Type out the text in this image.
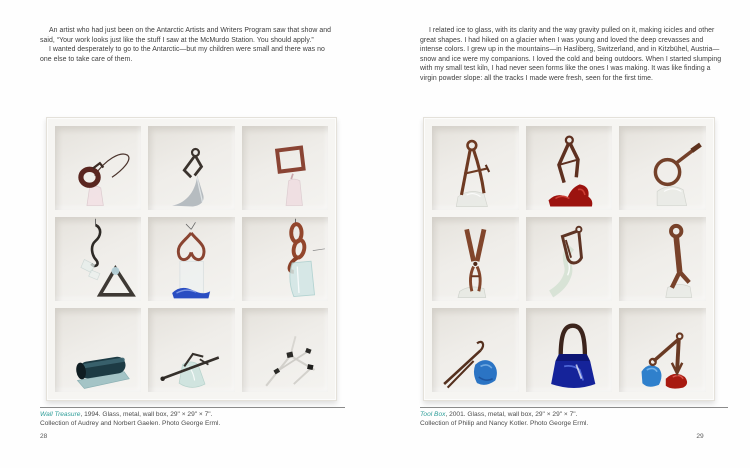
An artist who had just been on the Antarctic Artists and Writers Program saw that show and
said, “Your work looks just like the stuff I saw at the McMurdo Station. You should apply.”
I wanted desperately to go to the Antarctic—but my children were small and there was no
one else to take care of them.
Wall Treasure, 1994. Glass, metal, wall box, 29" × 29" × 7".
Collection of Audrey and Norbert Gaelen. Photo George Erml.
28
I related ice to glass, with its clarity and the way gravity pulled on it, making icicles and other
great shapes. I had hiked on a glacier when I was young and loved the deep crevasses and
intense colors. I grew up in the mountains—in Hasliberg, Switzerland, and in Kitzbühel, Austria—
snow and ice were my companions. I loved the cold and being outdoors. When I started slumping
with my small test kiln, I had never seen forms like the ones I was making. It was like finding a
virgin powder slope: all the tracks I made were fresh, seen for the first time.
Tool Box, 2001. Glass, metal, wall box, 29" × 29" × 7".
Collection of Philip and Nancy Kotler. Photo George Erml.
29
